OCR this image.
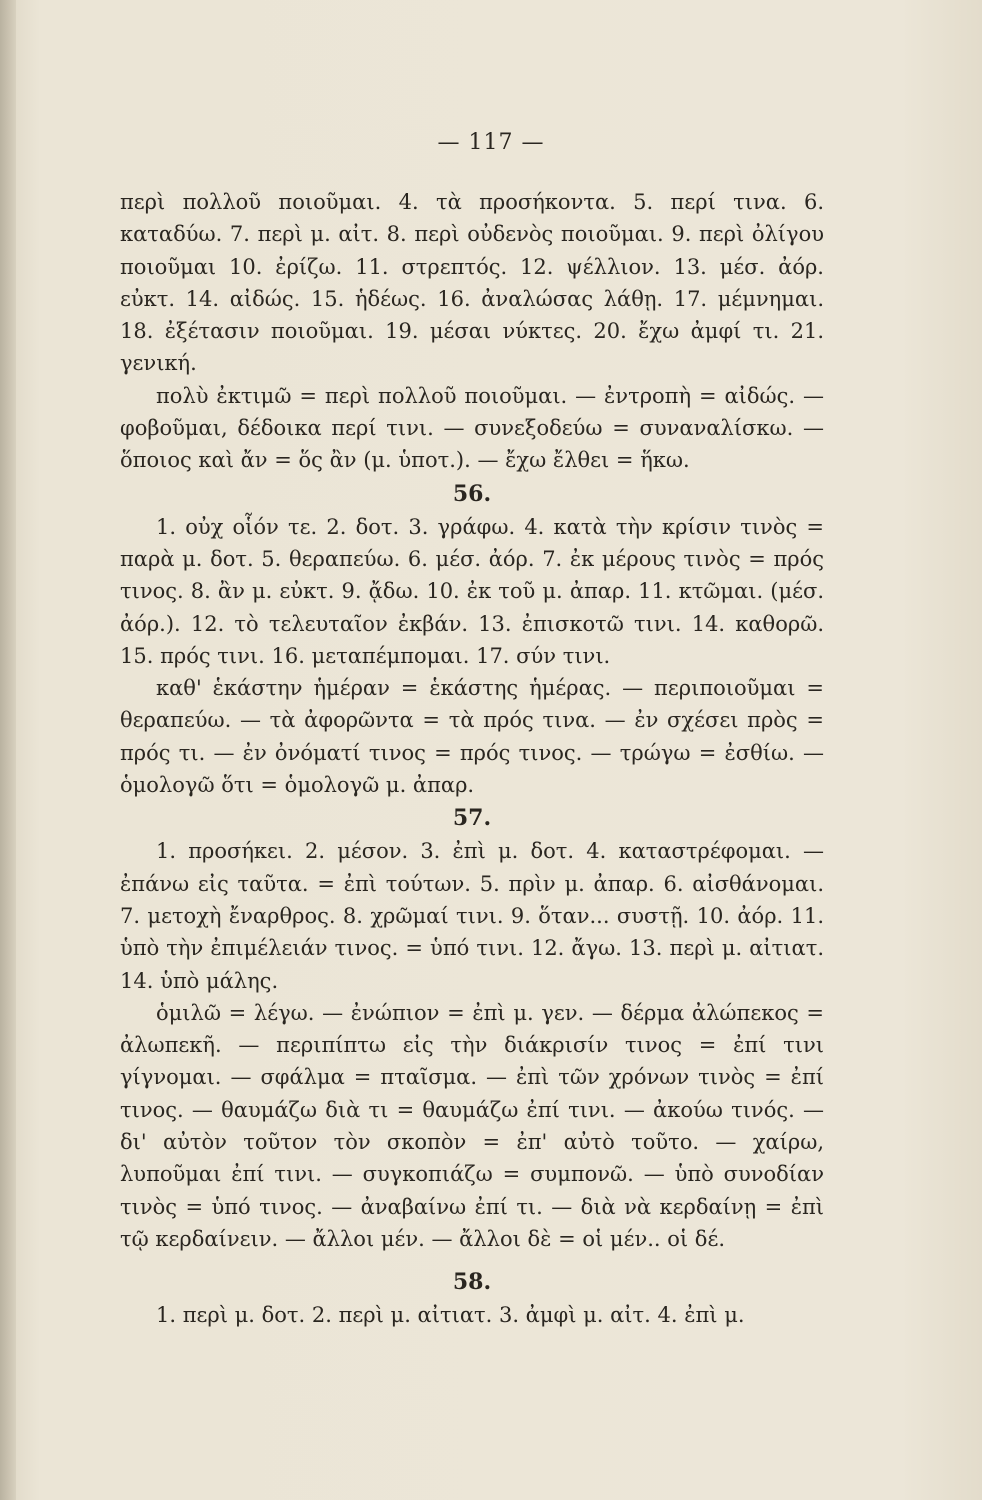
— 117 —

περὶ πολλοῦ ποιοῦμαι. 4. τὰ προσήκοντα. 5. περί τινα. 6. καταδύω. 7. περὶ μ. αἰτ. 8. περὶ οὐδενὸς ποιοῦμαι. 9. περὶ ὀλίγου ποιοῦμαι 10. ἐρίζω. 11. στρεπτός. 12. ψέλλιον. 13. μέσ. ἀόρ. εὐκτ. 14. αἰδώς. 15. ἡδέως. 16. ἀναλώσας λάθῃ. 17. μέμνημαι. 18. ἐξέτασιν ποιοῦμαι. 19. μέσαι νύκτες. 20. ἔχω ἀμφί τι. 21. γενική.

πολὺ ἐκτιμῶ = περὶ πολλοῦ ποιοῦμαι. — ἐντροπὴ = αἰδώς. — φοβοῦμαι, δέδοικα περί τινι. — συνεξοδεύω = συναναλίσκω. — ὅποιος καὶ ἄν = ὅς ἂν (μ. ὑποτ.). — ἔχω ἔλθει = ἥκω.

56.

1. οὐχ οἷόν τε. 2. δοτ. 3. γράφω. 4. κατὰ τὴν κρίσιν τινὸς = παρὰ μ. δοτ. 5. θεραπεύω. 6. μέσ. ἀόρ. 7. ἐκ μέρους τινὸς = πρός τινος. 8. ἂν μ. εὐκτ. 9. ᾄδω. 10. ἐκ τοῦ μ. ἀπαρ. 11. κτῶμαι. (μέσ. ἀόρ.). 12. τὸ τελευταῖον ἐκβάν. 13. ἐπισκοτῶ τινι. 14. καθορῶ. 15. πρός τινι. 16. μεταπέμπομαι. 17. σύν τινι.

καθ' ἑκάστην ἡμέραν = ἑκάστης ἡμέρας. — περιποιοῦμαι = θεραπεύω. — τὰ ἀφορῶντα = τὰ πρός τινα. — ἐν σχέσει πρὸς = πρός τι. — ἐν ὀνόματί τινος = πρός τινος. — τρώγω = ἐσθίω. — ὁμολογῶ ὅτι = ὁμολογῶ μ. ἀπαρ.

57.

1. προσήκει. 2. μέσον. 3. ἐπὶ μ. δοτ. 4. καταστρέφομαι. — ἐπάνω εἰς ταῦτα. = ἐπὶ τούτων. 5. πρὶν μ. ἀπαρ. 6. αἰσθάνομαι. 7. μετοχὴ ἔναρθρος. 8. χρῶμαί τινι. 9. ὅταν... συστῇ. 10. ἀόρ. 11. ὑπὸ τὴν ἐπιμέλειάν τινος. = ὑπό τινι. 12. ἄγω. 13. περὶ μ. αἰτιατ. 14. ὑπὸ μάλης.

ὁμιλῶ = λέγω. — ἐνώπιον = ἐπὶ μ. γεν. — δέρμα ἀλώπεκος = ἀλωπεκῆ. — περιπίπτω εἰς τὴν διάκρισίν τινος = ἐπί τινι γίγνομαι. — σφάλμα = πταῖσμα. — ἐπὶ τῶν χρόνων τινὸς = ἐπί τινος. — θαυμάζω διὰ τι = θαυμάζω ἐπί τινι. — ἀκούω τινός. — δι' αὐτὸν τοῦτον τὸν σκοπὸν = ἐπ' αὐτὸ τοῦτο. — χαίρω, λυποῦμαι ἐπί τινι. — συγκοπιάζω = συμπονῶ. — ὑπὸ συνοδίαν τινὸς = ὑπό τινος. — ἀναβαίνω ἐπί τι. — διὰ νὰ κερδαίνῃ = ἐπὶ τῷ κερδαίνειν. — ἄλλοι μέν. — ἄλλοι δὲ = οἱ μέν.. οἱ δέ.

58.

1. περὶ μ. δοτ. 2. περὶ μ. αἰτιατ. 3. ἀμφὶ μ. αἰτ. 4. ἐπὶ μ.
